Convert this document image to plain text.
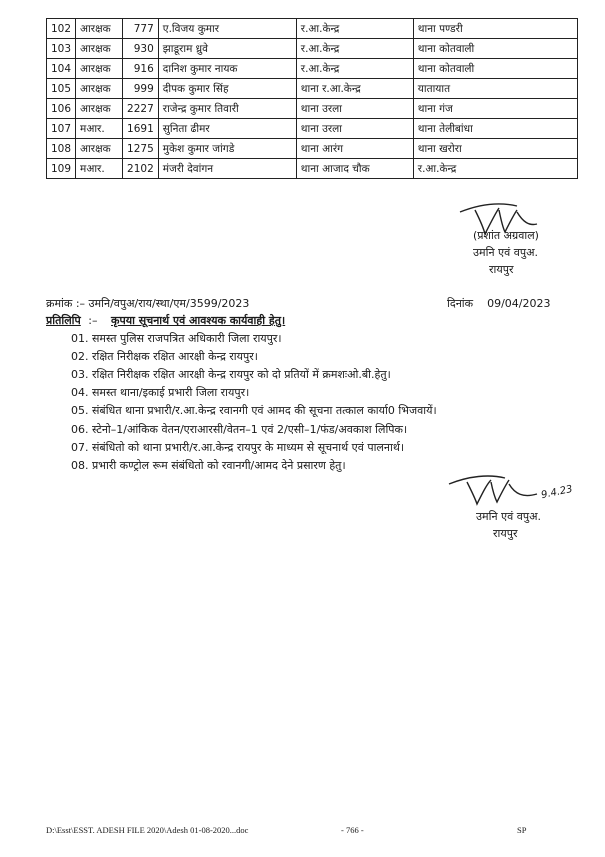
102	आरक्षक	777	ए.विजय कुमार	र.आ.केन्द्र	थाना पण्डरी
103	आरक्षक	930	झाडूराम ध्रुवे	र.आ.केन्द्र	थाना कोतवाली
104	आरक्षक	916	दानिश कुमार नायक	र.आ.केन्द्र	थाना कोतवाली
105	आरक्षक	999	दीपक कुमार सिंह	थाना र.आ.केन्द्र	यातायात
106	आरक्षक	2227	राजेन्द्र कुमार तिवारी	थाना उरला	थाना गंज
107	मआर.	1691	सुनिता ढीमर	थाना उरला	थाना तेलीबांधा
108	आरक्षक	1275	मुकेश कुमार जांगडे	थाना आरंग	थाना खरोरा
109	मआर.	2102	मंजरी देवांगन	थाना आजाद चौक	र.आ.केन्द्र
(प्रशांत अग्रवाल)
उमनि एवं वपुअ.
रायपुर
क्रमांक :– उमनि/वपुअ/राय/स्था/एम/3599/2023	दिनांक    09/04/2023
प्रतिलिपि :– कृपया सूचनार्थ एवं आवश्यक कार्यवाही हेतु।
01. समस्त पुलिस राजपत्रित अधिकारी जिला रायपुर।
02. रक्षित निरीक्षक रक्षित आरक्षी केन्द्र रायपुर।
03. रक्षित निरीक्षक रक्षित आरक्षी केन्द्र रायपुर को दो प्रतियों में क्रमशःओ.बी.हेतु।
04. समस्त थाना/इकाई प्रभारी जिला रायपुर।
05. संबंधित थाना प्रभारी/र.आ.केन्द्र रवानगी एवं आमद की सूचना तत्काल कार्या0 भिजवायें।
06. स्टेनो–1/आंकिक वेतन/एराआरसी/वेतन–1 एवं 2/एसी–1/फंड/अवकाश लिपिक।
07. संबंधितो को थाना प्रभारी/र.आ.केन्द्र रायपुर के माध्यम से सूचनार्थ एवं पालनार्थ।
08. प्रभारी कण्ट्रोल रूम संबंधितो को रवानगी/आमद देने प्रसारण हेतु।
9.4.23
उमनि एवं वपुअ.
रायपुर
D:\Esst\ESST. ADESH FILE 2020\Adesh 01-08-2020...doc	- 766 -	SP
